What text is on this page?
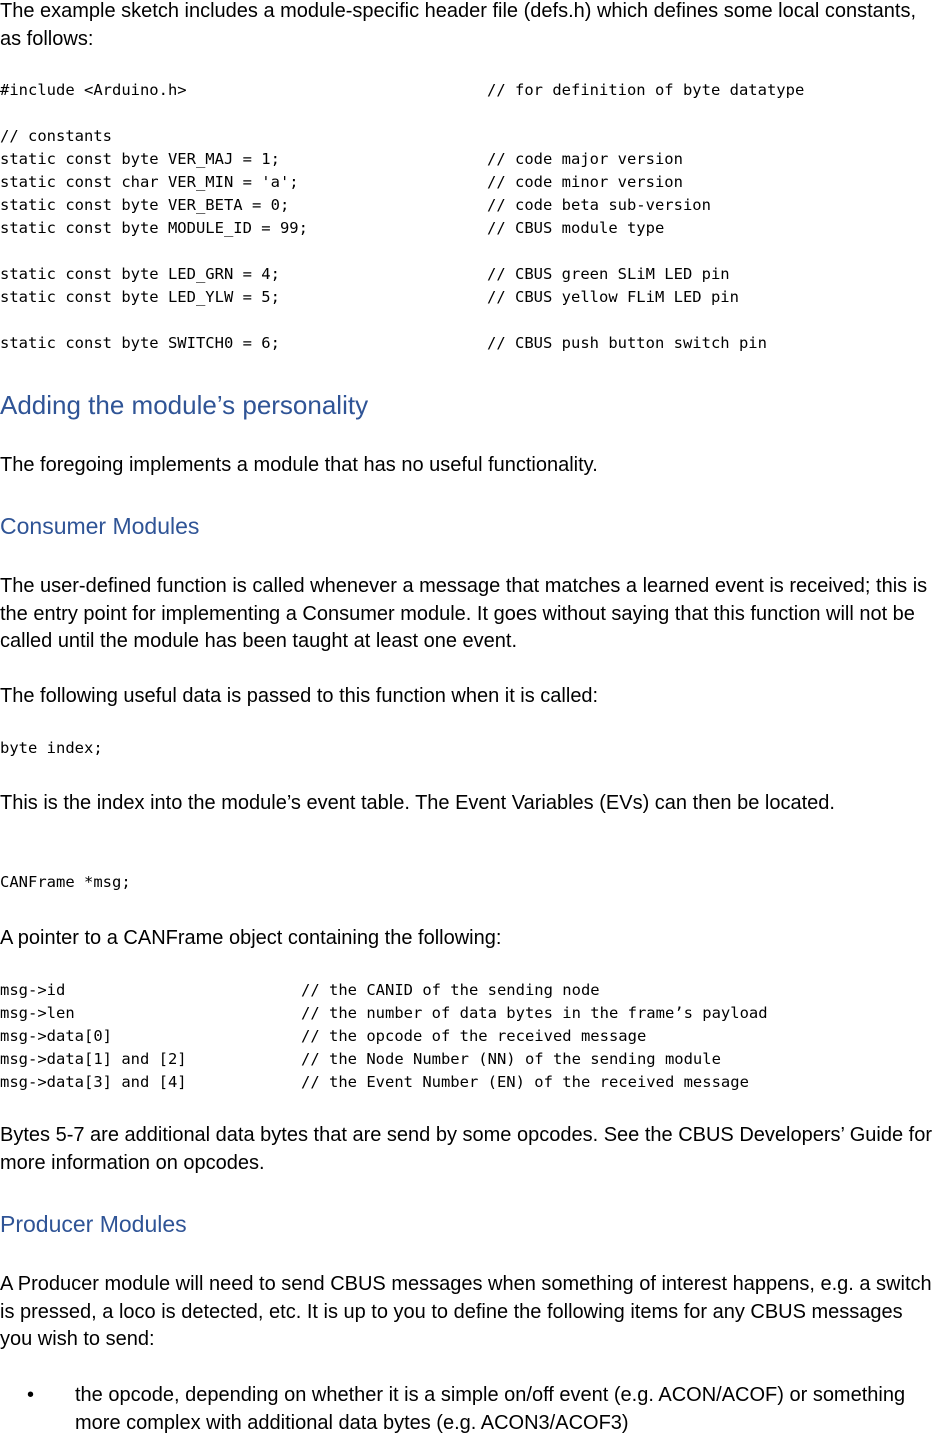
The example sketch includes a module-specific header file (defs.h) which defines some local constants, as follows:

#include <Arduino.h>	// for definition of byte datatype
// constants
static const byte VER_MAJ = 1;	// code major version
static const char VER_MIN = 'a';	// code minor version
static const byte VER_BETA = 0;	// code beta sub-version
static const byte MODULE_ID = 99;	// CBUS module type
static const byte LED_GRN = 4;	// CBUS green SLiM LED pin
static const byte LED_YLW = 5;	// CBUS yellow FLiM LED pin
static const byte SWITCH0 = 6;	// CBUS push button switch pin
Adding the module’s personality

The foregoing implements a module that has no useful functionality.

Consumer Modules

The user-defined function is called whenever a message that matches a learned event is received; this is the entry point for implementing a Consumer module. It goes without saying that this function will not be called until the module has been taught at least one event.

The following useful data is passed to this function when it is called:

byte index;

This is the index into the module’s event table. The Event Variables (EVs) can then be located.

CANFrame *msg;

A pointer to a CANFrame object containing the following:

msg->id	// the CANID of the sending node
msg->len	// the number of data bytes in the frame’s payload
msg->data[0]	// the opcode of the received message
msg->data[1] and [2]	// the Node Number (NN) of the sending module
msg->data[3] and [4]	// the Event Number (EN) of the received message

Bytes 5-7 are additional data bytes that are send by some opcodes. See the CBUS Developers’ Guide for more information on opcodes.

Producer Modules

A Producer module will need to send CBUS messages when something of interest happens, e.g. a switch is pressed, a loco is detected, etc. It is up to you to define the following items for any CBUS messages you wish to send:

• the opcode, depending on whether it is a simple on/off event (e.g. ACON/ACOF) or something more complex with additional data bytes (e.g. ACON3/ACOF3)
